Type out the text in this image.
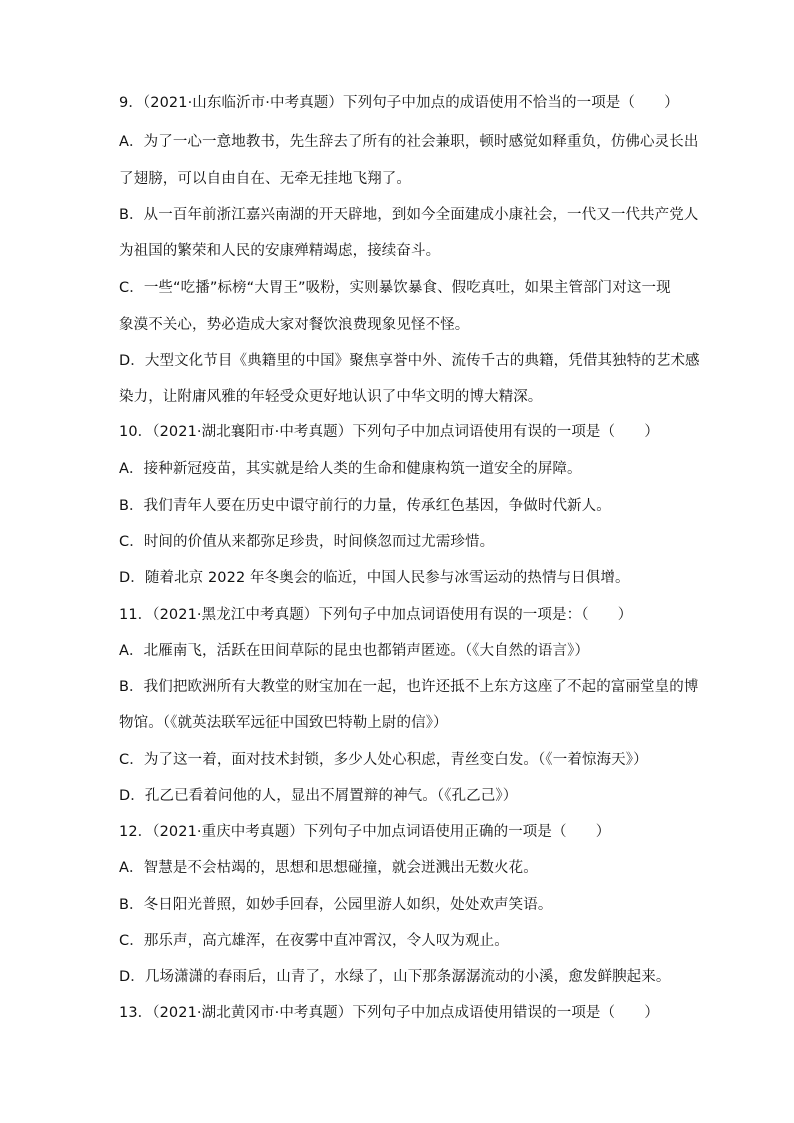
9．（2021·山东临沂市·中考真题）下列句子中加点的成语使用不恰当的一项是（　　）
A．为了一心一意地教书，先生辞去了所有的社会兼职，顿时感觉如释重负，仿佛心灵长出
了翅膀，可以自由自在、无牵无挂地飞翔了。
B．从一百年前浙江嘉兴南湖的开天辟地，到如今全面建成小康社会，一代又一代共产党人
为祖国的繁荣和人民的安康殚精竭虑，接续奋斗。
C．一些“吃播”标榜“大胃王”吸粉，实则暴饮暴食、假吃真吐，如果主管部门对这一现
象漠不关心，势必造成大家对餐饮浪费现象见怪不怪。
D．大型文化节目《典籍里的中国》聚焦享誉中外、流传千古的典籍，凭借其独特的艺术感
染力，让附庸风雅的年轻受众更好地认识了中华文明的博大精深。
10．（2021·湖北襄阳市·中考真题）下列句子中加点词语使用有误的一项是（　　）
A．接种新冠疫苗，其实就是给人类的生命和健康构筑一道安全的屏障。
B．我们青年人要在历史中𫍽守前行的力量，传承红色基因，争做时代新人。
C．时间的价值从来都弥足珍贵，时间倏忽而过尤需珍惜。
D．随着北京 2022 年冬奥会的临近，中国人民参与冰雪运动的热情与日俱增。
11．（2021·黑龙江中考真题）下列句子中加点词语使用有误的一项是：（　　）
A．北雁南飞，活跃在田间草际的昆虫也都销声匿迹。（《大自然的语言》）
B．我们把欧洲所有大教堂的财宝加在一起，也许还抵不上东方这座了不起的富丽堂皇的博
物馆。（《就英法联军远征中国致巴特勒上尉的信》）
C．为了这一着，面对技术封锁，多少人处心积虑，青丝变白发。（《一着惊海天》）
D．孔乙已看着问他的人，显出不屑置辩的神气。（《孔乙己》）
12．（2021·重庆中考真题）下列句子中加点词语使用正确的一项是（　　）
A．智慧是不会枯竭的，思想和思想碰撞，就会迸溅出无数火花。
B．冬日阳光普照，如妙手回春，公园里游人如织，处处欢声笑语。
C．那乐声，高亢雄浑，在夜雾中直冲霄汉，令人叹为观止。
D．几场潇潇的春雨后，山青了，水绿了，山下那条潺潺流动的小溪，愈发鲜腴起来。
13．（2021·湖北黄冈市·中考真题）下列句子中加点成语使用错误的一项是（　　）
